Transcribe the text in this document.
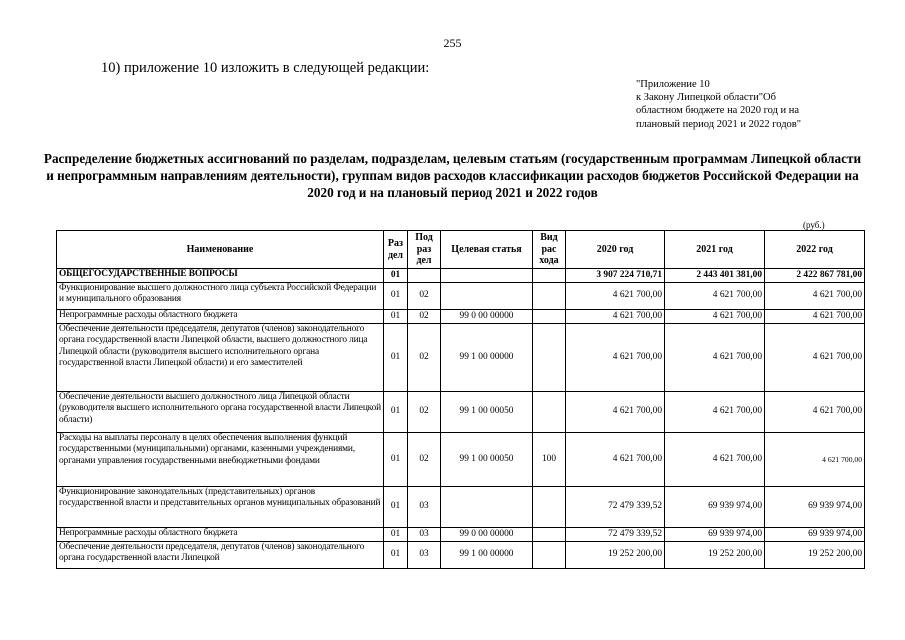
255
10) приложение 10 изложить в следующей редакции:
"Приложение 10
к Закону Липецкой области"Об
областном бюджете на 2020 год и на
плановый период 2021 и 2022 годов"
Распределение бюджетных ассигнований по разделам, подразделам, целевым статьям (государственным программам Липецкой области и непрограммным направлениям деятельности), группам видов расходов классификации расходов бюджетов Российской Федерации на 2020 год и на плановый период 2021 и 2022 годов
(руб.)
Наименование	Раз дел	Под раз дел	Целевая статья	Вид рас хода	2020 год	2021 год	2022 год
ОБЩЕГОСУДАРСТВЕННЫЕ ВОПРОСЫ	01				3 907 224 710,71	2 443 401 381,00	2 422 867 781,00
Функционирование высшего должностного лица субъекта Российской Федерации и муниципального образования	01	02			4 621 700,00	4 621 700,00	4 621 700,00
Непрограммные расходы областного бюджета	01	02	99 0 00 00000		4 621 700,00	4 621 700,00	4 621 700,00
Обеспечение деятельности председателя, депутатов (членов) законодательного органа государственной власти Липецкой области, высшего должностного лица Липецкой области (руководителя высшего исполнительного органа государственной власти Липецкой области) и его заместителей	01	02	99 1 00 00000		4 621 700,00	4 621 700,00	4 621 700,00
Обеспечение деятельности высшего должностного лица Липецкой области (руководителя высшего исполнительного органа государственной власти Липецкой области)	01	02	99 1 00 00050		4 621 700,00	4 621 700,00	4 621 700,00
Расходы на выплаты персоналу в целях обеспечения выполнения функций государственными (муниципальными) органами, казенными учреждениями, органами управления государственными внебюджетными фондами	01	02	99 1 00 00050	100	4 621 700,00	4 621 700,00	4 621 700,00
Функционирование законодательных (представительных) органов государственной власти и представительных органов муниципальных образований	01	03			72 479 339,52	69 939 974,00	69 939 974,00
Непрограммные расходы областного бюджета	01	03	99 0 00 00000		72 479 339,52	69 939 974,00	69 939 974,00
Обеспечение деятельности председателя, депутатов (членов) законодательного органа государственной власти Липецкой	01	03	99 1 00 00000		19 252 200,00	19 252 200,00	19 252 200,00
